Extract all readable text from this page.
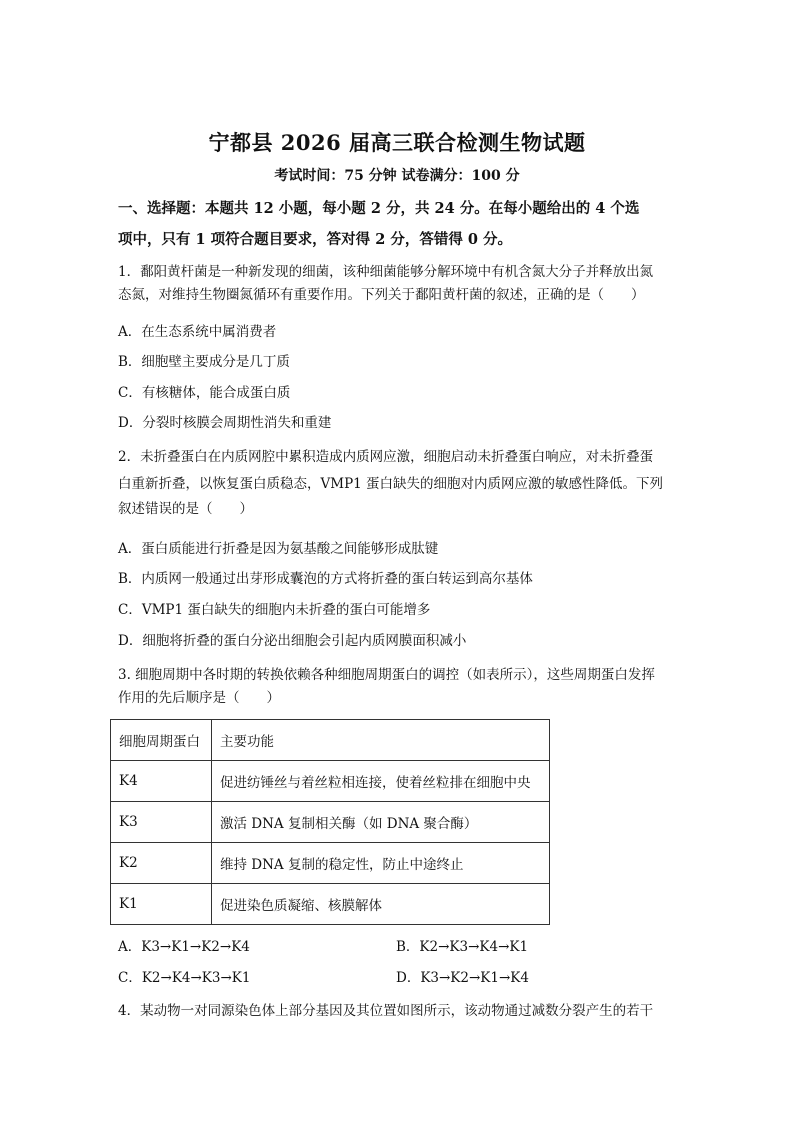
宁都县 2026 届高三联合检测生物试题
考试时间：75 分钟 试卷满分：100 分
一、选择题：本题共 12 小题，每小题 2 分，共 24 分。在每小题给出的 4 个选
项中，只有 1 项符合题目要求，答对得 2 分，答错得 0 分。
1．鄱阳黄杆菌是一种新发现的细菌，该种细菌能够分解环境中有机含氮大分子并释放出氮
态氮，对维持生物圈氮循环有重要作用。下列关于鄱阳黄杆菌的叙述，正确的是（　　）
A．在生态系统中属消费者
B．细胞壁主要成分是几丁质
C．有核糖体，能合成蛋白质
D．分裂时核膜会周期性消失和重建
2．未折叠蛋白在内质网腔中累积造成内质网应激，细胞启动未折叠蛋白响应，对未折叠蛋
白重新折叠，以恢复蛋白质稳态，VMP1 蛋白缺失的细胞对内质网应激的敏感性降低。下列
叙述错误的是（　　）
A．蛋白质能进行折叠是因为氨基酸之间能够形成肽键
B．内质网一般通过出芽形成囊泡的方式将折叠的蛋白转运到高尔基体
C．VMP1 蛋白缺失的细胞内未折叠的蛋白可能增多
D．细胞将折叠的蛋白分泌出细胞会引起内质网膜面积减小
3. 细胞周期中各时期的转换依赖各种细胞周期蛋白的调控（如表所示），这些周期蛋白发挥
作用的先后顺序是（　　）
细胞周期蛋白	主要功能
K4	促进纺锤丝与着丝粒相连接，使着丝粒排在细胞中央
K3	激活 DNA 复制相关酶（如 DNA 聚合酶）
K2	维持 DNA 复制的稳定性，防止中途终止
K1	促进染色质凝缩、核膜解体
A．K3→K1→K2→K4	B．K2→K3→K4→K1
C．K2→K4→K3→K1	D．K3→K2→K1→K4
4．某动物一对同源染色体上部分基因及其位置如图所示，该动物通过减数分裂产生的若干
